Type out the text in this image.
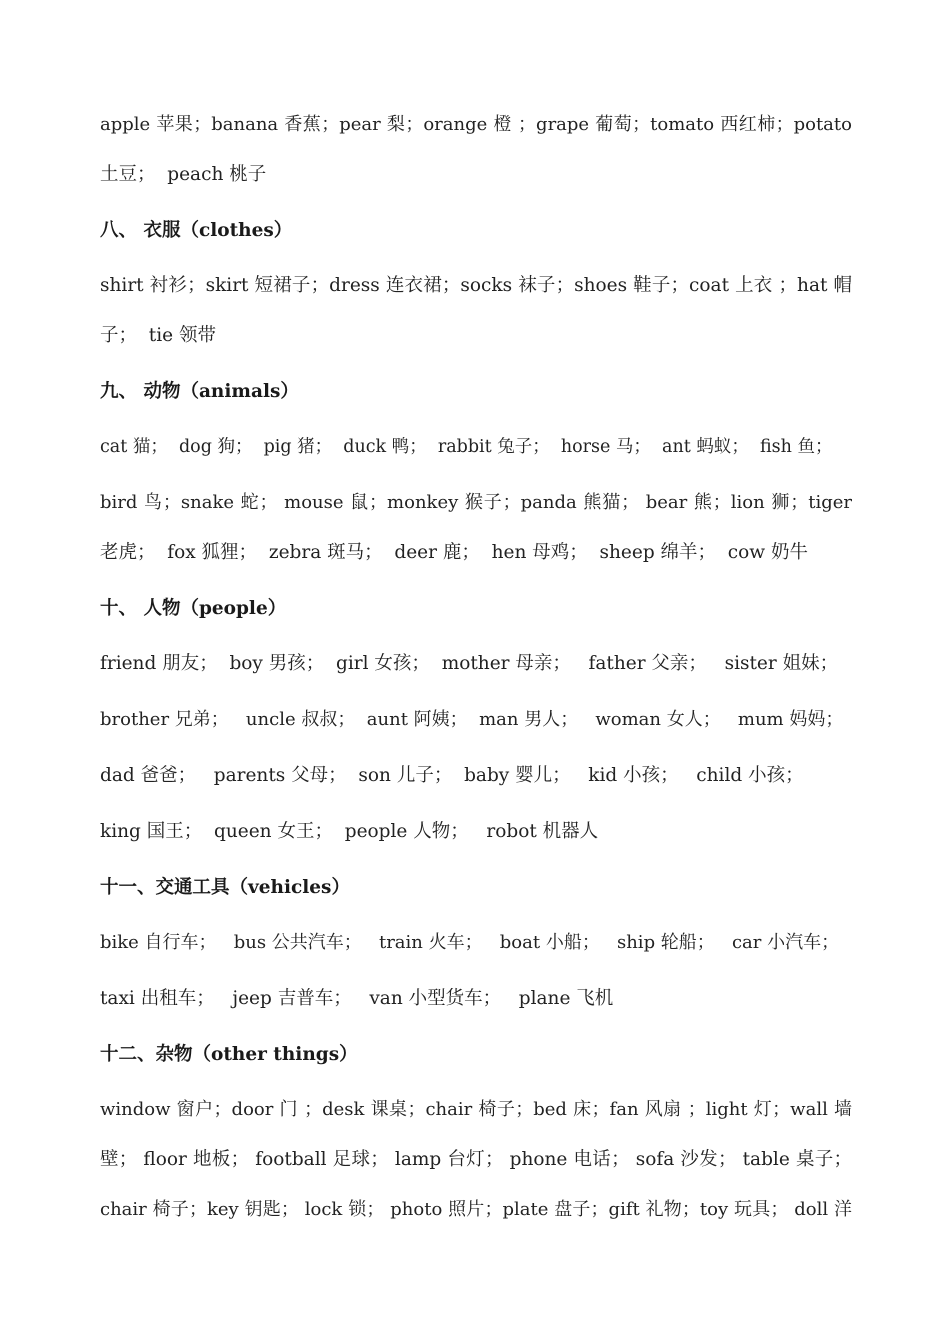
apple 苹果；banana 香蕉；pear 梨；orange 橙 ；grape 葡萄；tomato 西红柿；potato
土豆；  peach 桃子
八、 衣服（clothes）
shirt 衬衫；skirt 短裙子；dress 连衣裙；socks 袜子；shoes 鞋子；coat 上衣 ；hat 帽
子；  tie 领带
九、 动物（animals）
cat 猫；  dog 狗；  pig 猪；  duck 鸭；  rabbit 兔子；  horse 马；  ant 蚂蚁；  fish 鱼；
bird 鸟；snake 蛇； mouse 鼠；monkey 猴子；panda 熊猫； bear 熊；lion 狮；tiger
老虎；  fox 狐狸；  zebra 斑马；  deer 鹿；  hen 母鸡；  sheep 绵羊；  cow 奶牛
十、 人物（people）
friend 朋友；  boy 男孩；  girl 女孩；  mother 母亲；   father 父亲；   sister 姐妹；
brother 兄弟；   uncle 叔叔；  aunt 阿姨；  man 男人；   woman 女人；   mum 妈妈；
dad 爸爸；   parents 父母；  son 儿子；  baby 婴儿；   kid 小孩；   child 小孩；
king 国王；  queen 女王；  people 人物；   robot 机器人
十一、交通工具（vehicles）
bike 自行车；   bus 公共汽车；   train 火车；   boat 小船；   ship 轮船；   car 小汽车；
taxi 出租车；   jeep 吉普车；   van 小型货车；   plane 飞机
十二、杂物（other things）
window 窗户；door 门 ；desk 课桌；chair 椅子；bed 床；fan 风扇 ；light 灯；wall 墙
壁； floor 地板； football 足球； lamp 台灯； phone 电话； sofa 沙发； table 桌子；
chair 椅子；key 钥匙； lock 锁； photo 照片；plate 盘子；gift 礼物；toy 玩具； doll 洋
